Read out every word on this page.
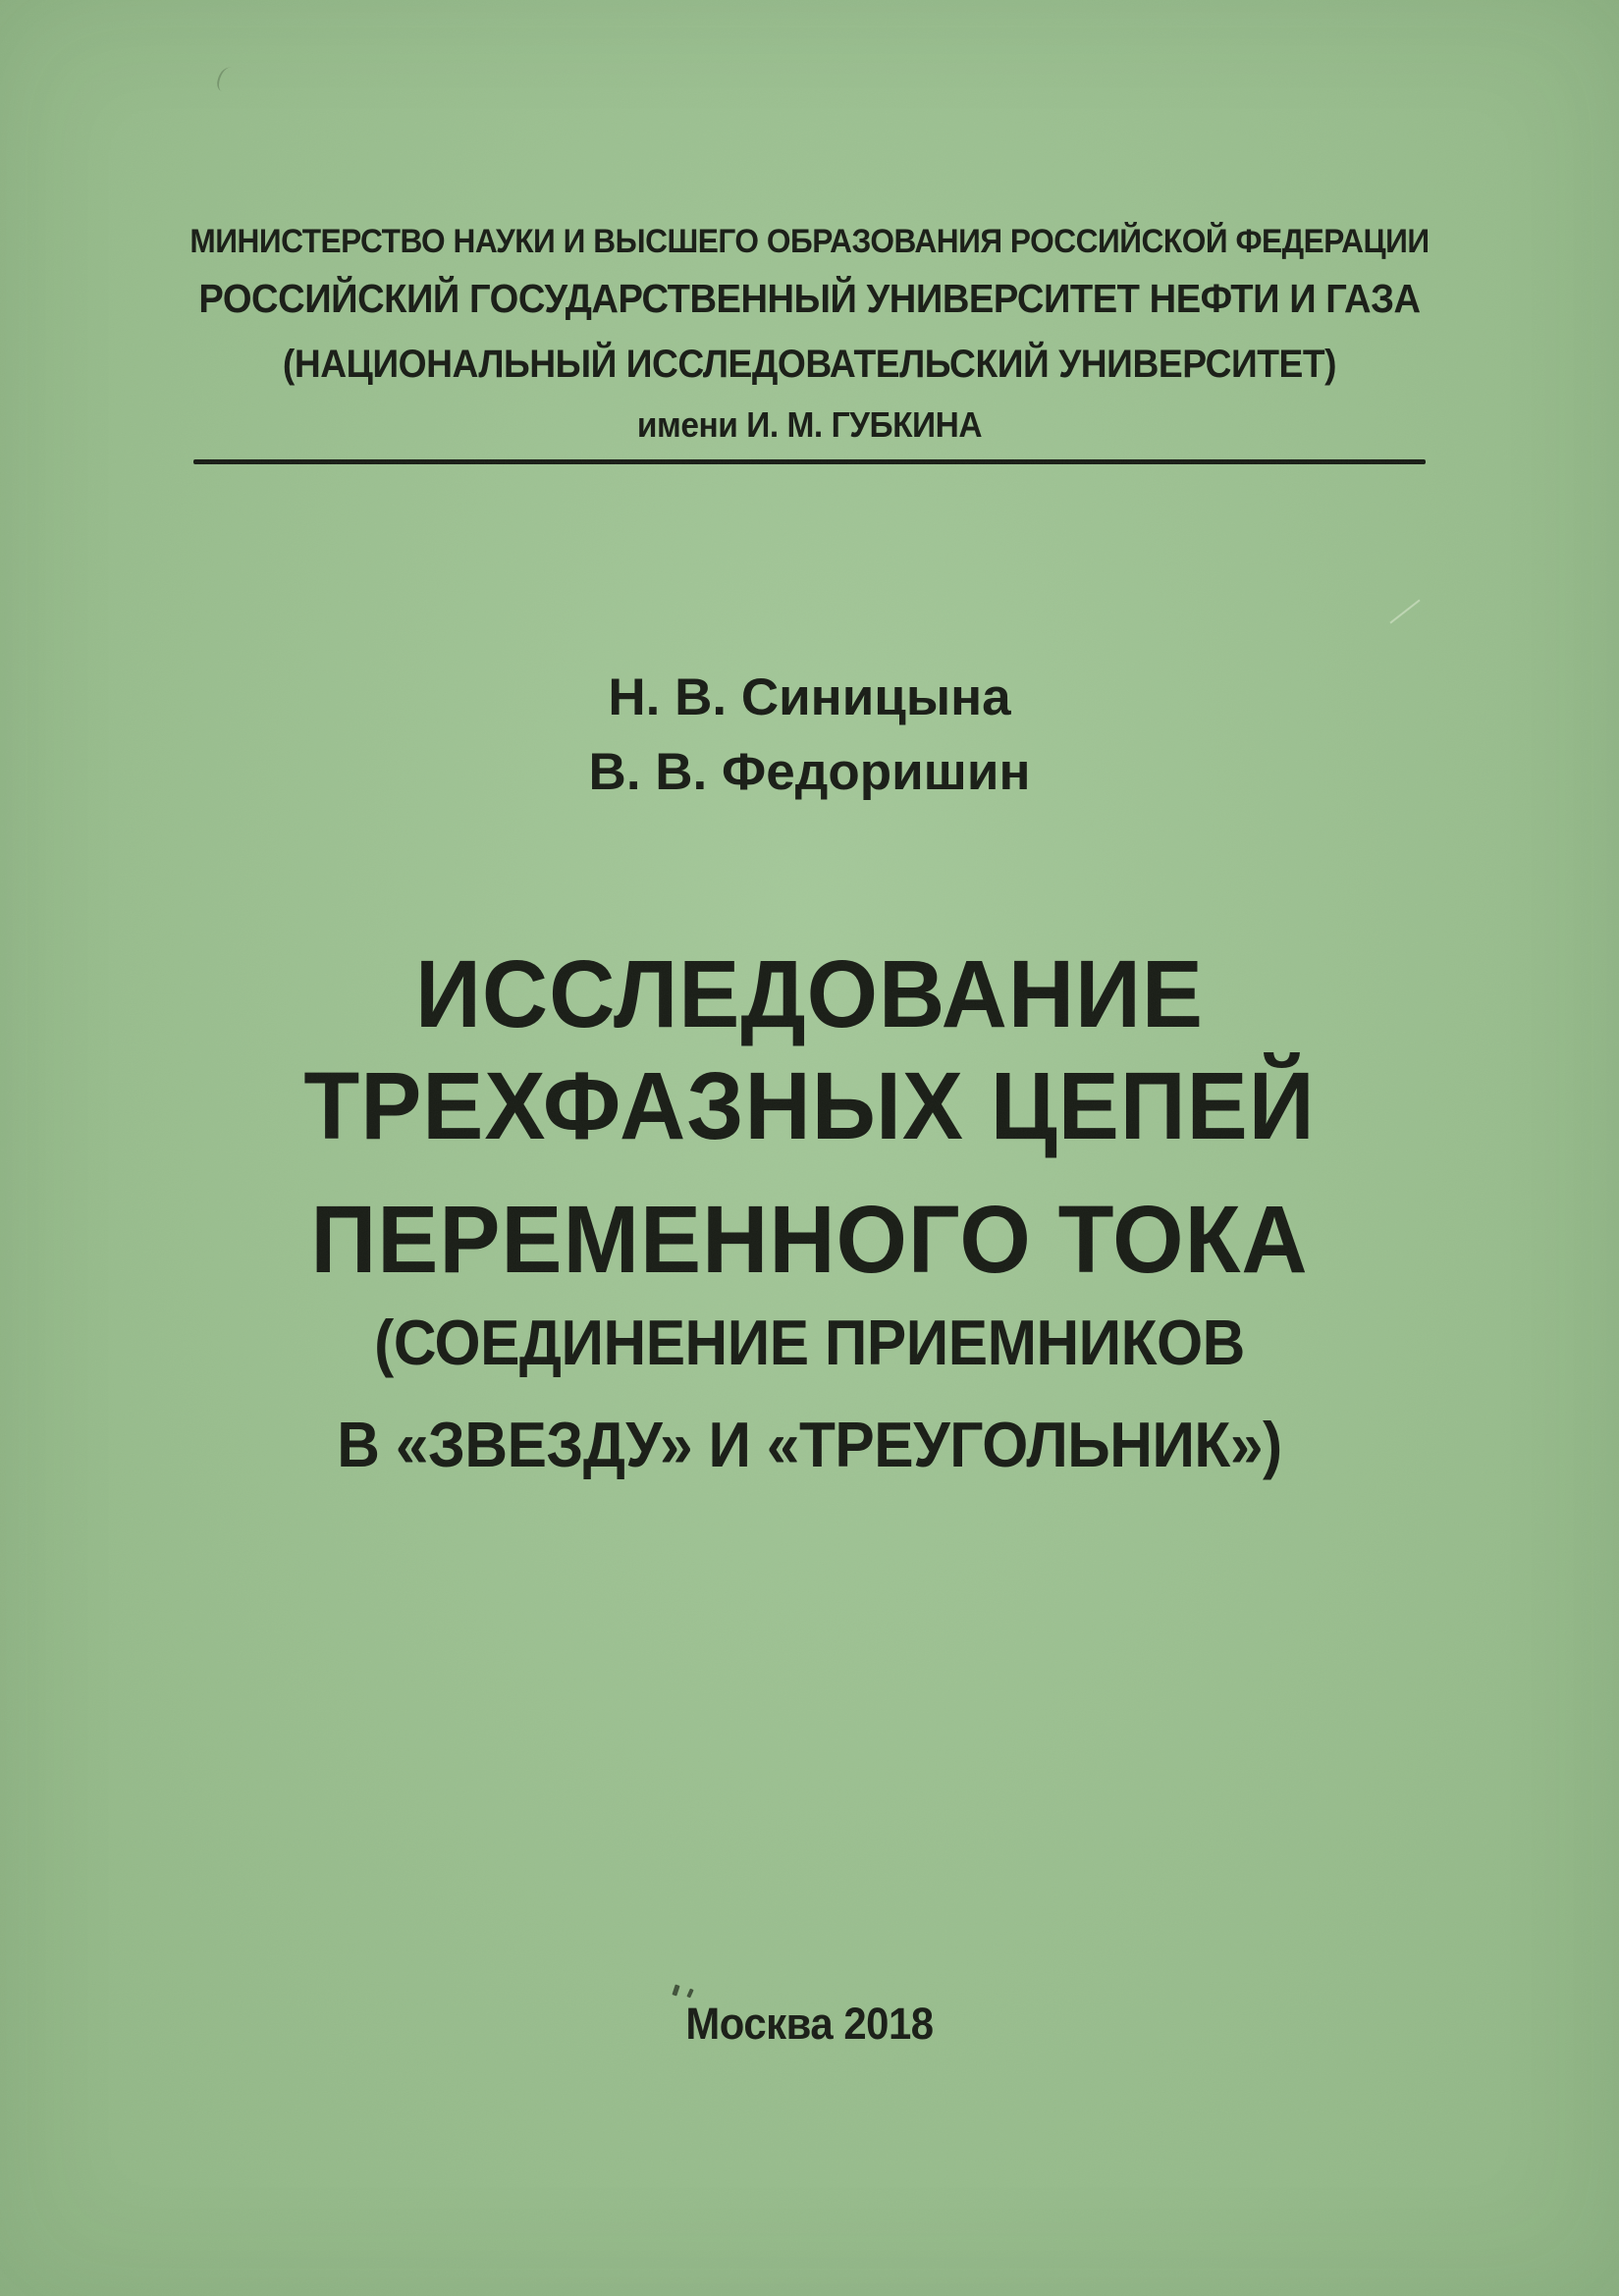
МИНИСТЕРСТВО НАУКИ И ВЫСШЕГО ОБРАЗОВАНИЯ РОССИЙСКОЙ ФЕДЕРАЦИИ
РОССИЙСКИЙ ГОСУДАРСТВЕННЫЙ УНИВЕРСИТЕТ НЕФТИ И ГАЗА
(НАЦИОНАЛЬНЫЙ ИССЛЕДОВАТЕЛЬСКИЙ УНИВЕРСИТЕТ)
имени И. М. ГУБКИНА
Н. В. Синицына
В. В. Федоришин
ИССЛЕДОВАНИЕ
ТРЕХФАЗНЫХ ЦЕПЕЙ
ПЕРЕМЕННОГО ТОКА
(СОЕДИНЕНИЕ ПРИЕМНИКОВ
В «ЗВЕЗДУ» И «ТРЕУГОЛЬНИК»)
Москва 2018
